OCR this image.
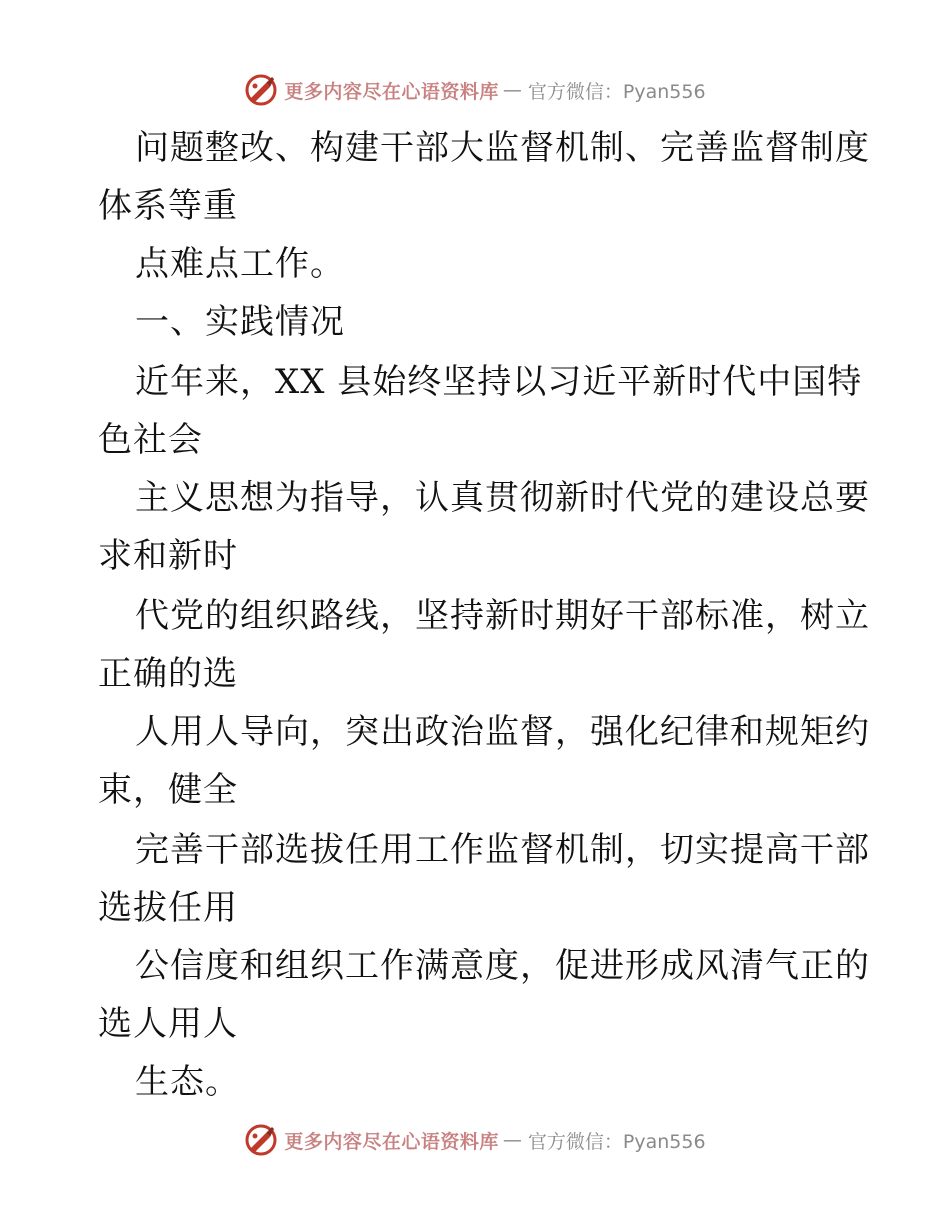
更多内容尽在心语资料库 — 官方微信：Pyan556
问题整改、构建干部大监督机制、完善监督制度
体系等重
点难点工作。
一、实践情况
近年来，XX 县始终坚持以习近平新时代中国特
色社会
主义思想为指导，认真贯彻新时代党的建设总要
求和新时
代党的组织路线，坚持新时期好干部标准，树立
正确的选
人用人导向，突出政治监督，强化纪律和规矩约
束，健全
完善干部选拔任用工作监督机制，切实提高干部
选拔任用
公信度和组织工作满意度，促进形成风清气正的
选人用人
生态。
更多内容尽在心语资料库 — 官方微信：Pyan556
